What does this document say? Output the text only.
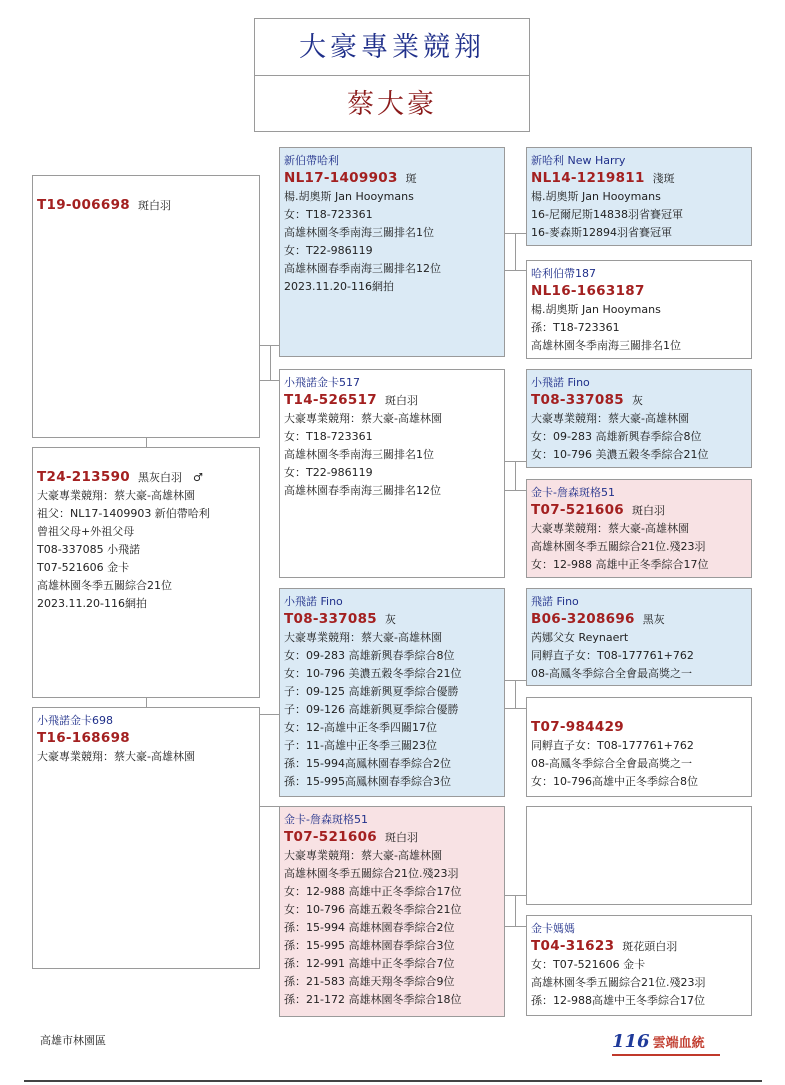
大豪專業競翔
蔡大豪
T19-006698 斑白羽
T24-213590 黑灰白羽　♂
大豪專業競翔：蔡大豪-高雄林園
祖父：NL17-1409903 新伯帶哈利
曾祖父母+外祖父母
T08-337085 小飛諾
T07-521606 金卡
高雄林園冬季五關綜合21位
2023.11.20-116網拍
小飛諾金卡698
T16-168698
大豪專業競翔：蔡大豪-高雄林園
新伯帶哈利
NL17-1409903 斑
楊.胡奧斯 Jan Hooymans
女：T18-723361
高雄林園冬季南海三關排名1位
女：T22-986119
高雄林園春季南海三關排名12位
2023.11.20-116網拍
小飛諾金卡517
T14-526517 斑白羽
大豪專業競翔：蔡大豪-高雄林園
女：T18-723361
高雄林園冬季南海三關排名1位
女：T22-986119
高雄林園春季南海三關排名12位
小飛諾 Fino
T08-337085 灰
大豪專業競翔：蔡大豪-高雄林園
女：09-283 高雄新興春季綜合8位
女：10-796 美濃五穀冬季綜合21位
子：09-125 高雄新興夏季綜合優勝
子：09-126 高雄新興夏季綜合優勝
女：12-高雄中正冬季四關17位
子：11-高雄中正冬季三關23位
孫：15-994高鳳林園春季綜合2位
孫：15-995高鳳林園春季綜合3位
金卡-詹森斑格51
T07-521606 斑白羽
大豪專業競翔：蔡大豪-高雄林園
高雄林園冬季五關綜合21位.殘23羽
女：12-988 高雄中正冬季綜合17位
女：10-796 高雄五穀冬季綜合21位
孫：15-994 高雄林園春季綜合2位
孫：15-995 高雄林園春季綜合3位
孫：12-991 高雄中正冬季綜合7位
孫：21-583 高雄天翔冬季綜合9位
孫：21-172 高雄林園冬季綜合18位
新哈利 New Harry
NL14-1219811 淺斑
楊.胡奧斯 Jan Hooymans
16-尼爾尼斯14838羽省賽冠軍
16-麥森斯12894羽省賽冠軍
哈利伯帶187
NL16-1663187
楊.胡奧斯 Jan Hooymans
孫：T18-723361
高雄林園冬季南海三關排名1位
小飛諾 Fino
T08-337085 灰
大豪專業競翔：蔡大豪-高雄林園
女：09-283 高雄新興春季綜合8位
女：10-796 美濃五穀冬季綜合21位
金卡-詹森斑格51
T07-521606 斑白羽
大豪專業競翔：蔡大豪-高雄林園
高雄林園冬季五關綜合21位.殘23羽
女：12-988 高雄中正冬季綜合17位
飛諾 Fino
B06-3208696 黑灰
芮娜父女 Reynaert
同孵直子女：T08-177761+762
08-高鳳冬季綜合全會最高獎之一
T07-984429
同孵直子女：T08-177761+762
08-高鳳冬季綜合全會最高獎之一
女：10-796高雄中正冬季綜合8位
金卡媽媽
T04-31623 斑花頭白羽
女：T07-521606 金卡
高雄林園冬季五關綜合21位.殘23羽
孫：12-988高雄中王冬季綜合17位
高雄市林園區	116 雲端血統
